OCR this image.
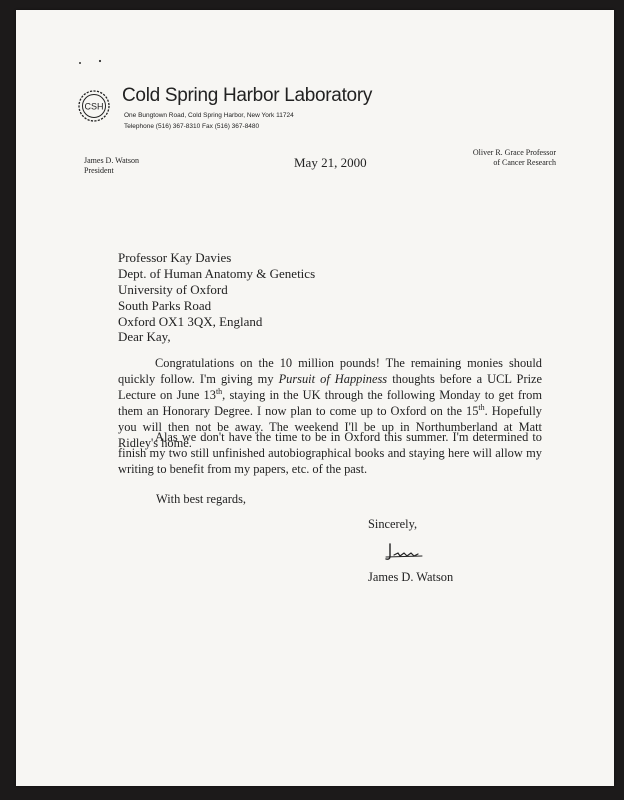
CSH
Cold Spring Harbor Laboratory
One Bungtown Road, Cold Spring Harbor, New York 11724
Telephone (516) 367-8310 Fax (516) 367-8480
James D. Watson
President
Oliver R. Grace Professor
of Cancer Research
May 21, 2000
Professor Kay Davies
Dept. of Human Anatomy & Genetics
University of Oxford
South Parks Road
Oxford OX1 3QX, England
Dear Kay,
Congratulations on the 10 million pounds! The remaining monies should quickly follow. I'm giving my Pursuit of Happiness thoughts before a UCL Prize Lecture on June 13th, staying in the UK through the following Monday to get from them an Honorary Degree. I now plan to come up to Oxford on the 15th. Hopefully you will then not be away. The weekend I'll be up in Northumberland at Matt Ridley's home.
Alas we don't have the time to be in Oxford this summer. I'm determined to finish my two still unfinished autobiographical books and staying here will allow my writing to benefit from my papers, etc. of the past.
With best regards,
Sincerely,
James D. Watson
